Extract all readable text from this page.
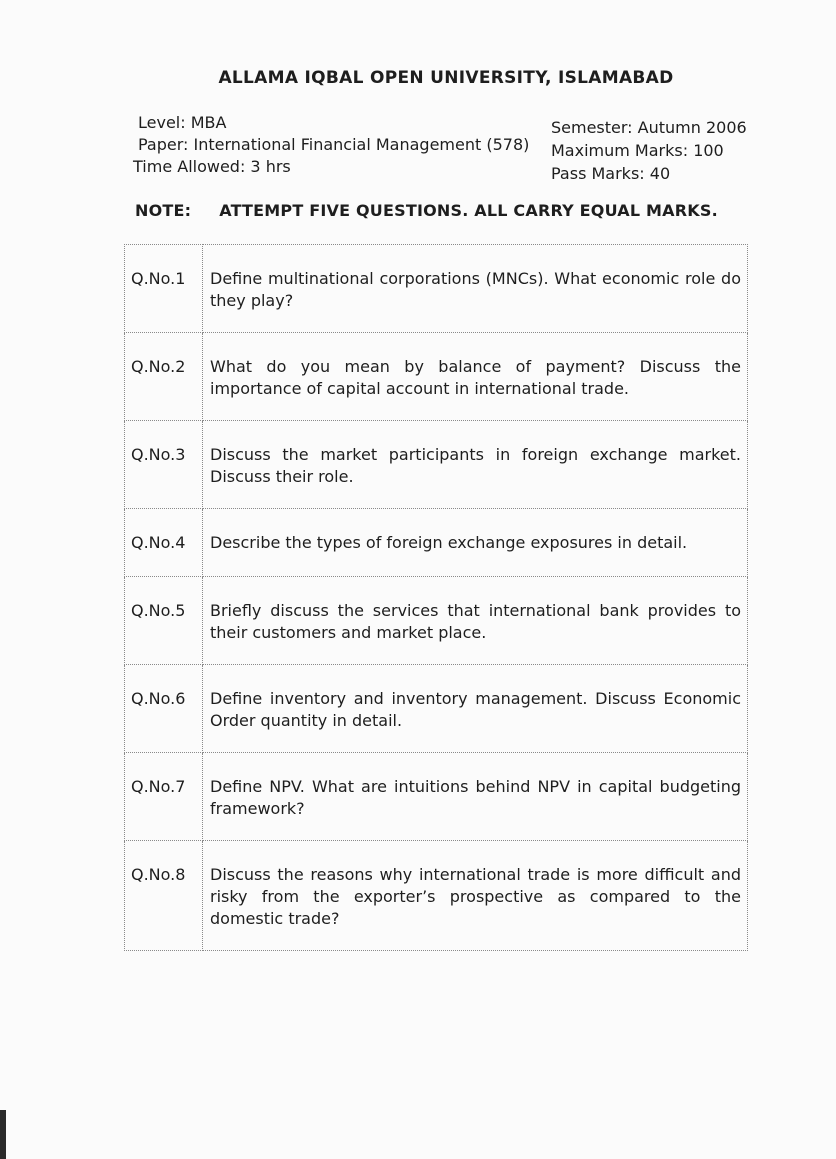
ALLAMA IQBAL OPEN UNIVERSITY, ISLAMABAD
Level: MBA
Paper: International Financial Management (578)
Time Allowed: 3 hrs
Semester: Autumn 2006
Maximum Marks: 100
Pass Marks: 40
NOTE: ATTEMPT FIVE QUESTIONS. ALL CARRY EQUAL MARKS.
Q.No.1	Define multinational corporations (MNCs). What economic role do they play?
Q.No.2	What do you mean by balance of payment? Discuss the importance of capital account in international trade.
Q.No.3	Discuss the market participants in foreign exchange market. Discuss their role.
Q.No.4	Describe the types of foreign exchange exposures in detail.
Q.No.5	Briefly discuss the services that international bank provides to their customers and market place.
Q.No.6	Define inventory and inventory management. Discuss Economic Order quantity in detail.
Q.No.7	Define NPV. What are intuitions behind NPV in capital budgeting framework?
Q.No.8	Discuss the reasons why international trade is more difficult and risky from the exporter’s prospective as compared to the domestic trade?
